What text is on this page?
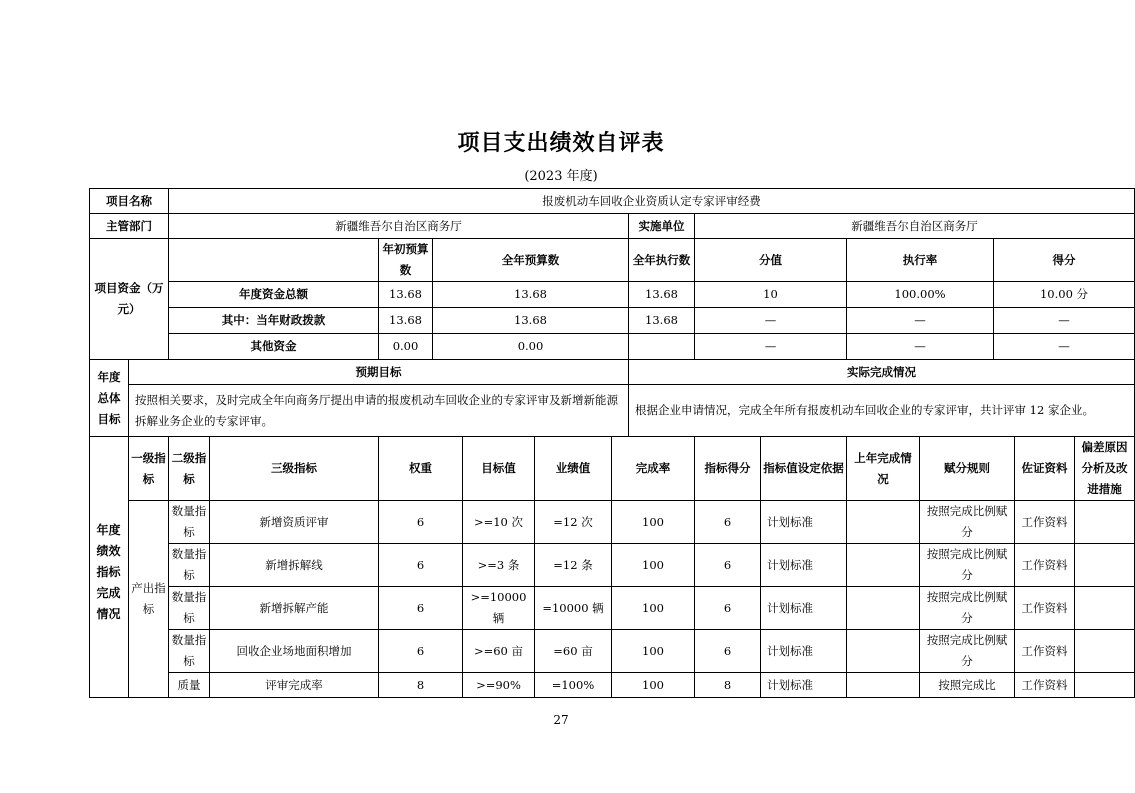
项目支出绩效自评表
(2023 年度)
项目名称		报废机动车回收企业资质认定专家评审经费														
主管部门		新疆维吾尔自治区商务厅							实施单位	新疆维吾尔自治区商务厅						
项目资金（万元）				年初预算数	全年预算数				全年执行数	分值		执行率		得分		
		年度资金总额		13.68	13.68				13.68	10		100.00%		10.00 分		
		其中：当年财政拨款		13.68	13.68				13.68	—		—		—		
		其他资金		0.00	0.00					—		—		—		
年度总体目标	预期目标								实际完成情况							
	按照相关要求，及时完成全年向商务厅提出申请的报废机动车回收企业的专家评审及新增新能源拆解业务企业的专家评审。								根据企业申请情况，完成全年所有报废机动车回收企业的专家评审，共计评审 12 家企业。							
	一级指标	二级指标	三级指标	权重		目标值	业绩值	完成率		指标得分	指标值设定依据	上年完成情况	赋分规则		佐证资料	偏差原因分析及改进措施
	产出指标	数量指标	新增资质评审	6		>=10 次	=12 次	100		6	计划标准		按照完成比例赋分		工作资料	
		数量指标	新增拆解线	6		>=3 条	=12 条	100		6	计划标准		按照完成比例赋分		工作资料	
		数量指标	新增拆解产能	6		>=10000 辆	=10000 辆	100		6	计划标准		按照完成比例赋分		工作资料	
		数量指标	回收企业场地面积增加	6		>=60 亩	=60 亩	100		6	计划标准		按照完成比例赋分		工作资料	
		质量	评审完成率	8		>=90%	=100%	100		8	计划标准		按照完成比		工作资料	
年度绩效指标完成情况
27
